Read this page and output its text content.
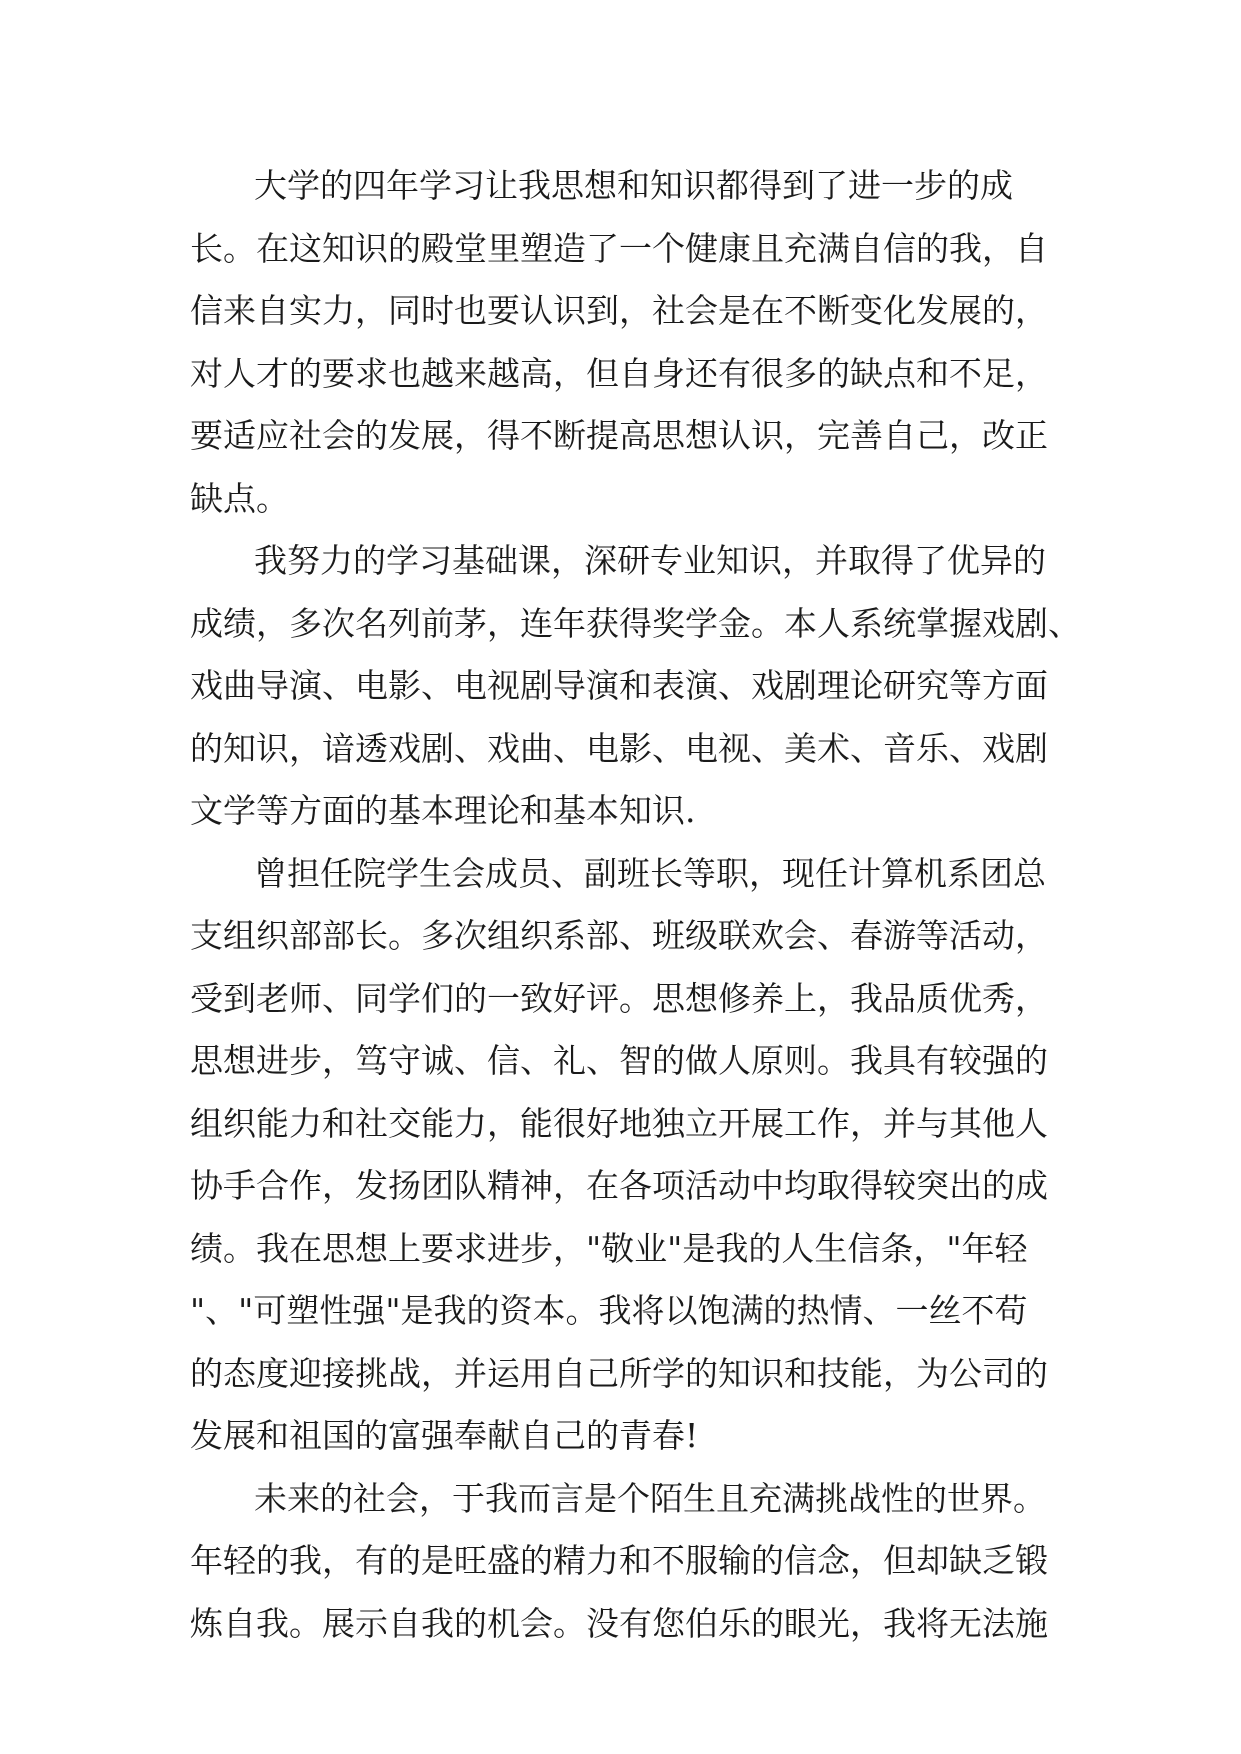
大学的四年学习让我思想和知识都得到了进一步的成
长。在这知识的殿堂里塑造了一个健康且充满自信的我，自
信来自实力，同时也要认识到，社会是在不断变化发展的，
对人才的要求也越来越高，但自身还有很多的缺点和不足，
要适应社会的发展，得不断提高思想认识，完善自己，改正
缺点。
我努力的学习基础课，深研专业知识，并取得了优异的
成绩，多次名列前茅，连年获得奖学金。本人系统掌握戏剧、
戏曲导演、电影、电视剧导演和表演、戏剧理论研究等方面
的知识，谙透戏剧、戏曲、电影、电视、美术、音乐、戏剧
文学等方面的基本理论和基本知识.
曾担任院学生会成员、副班长等职，现任计算机系团总
支组织部部长。多次组织系部、班级联欢会、春游等活动，
受到老师、同学们的一致好评。思想修养上，我品质优秀，
思想进步，笃守诚、信、礼、智的做人原则。我具有较强的
组织能力和社交能力，能很好地独立开展工作，并与其他人
协手合作，发扬团队精神，在各项活动中均取得较突出的成
绩。我在思想上要求进步，"敬业"是我的人生信条，"年轻
"、"可塑性强"是我的资本。我将以饱满的热情、一丝不苟
的态度迎接挑战，并运用自己所学的知识和技能，为公司的
发展和祖国的富强奉献自己的青春!
未来的社会，于我而言是个陌生且充满挑战性的世界。
年轻的我，有的是旺盛的精力和不服输的信念，但却缺乏锻
炼自我。展示自我的机会。没有您伯乐的眼光，我将无法施
